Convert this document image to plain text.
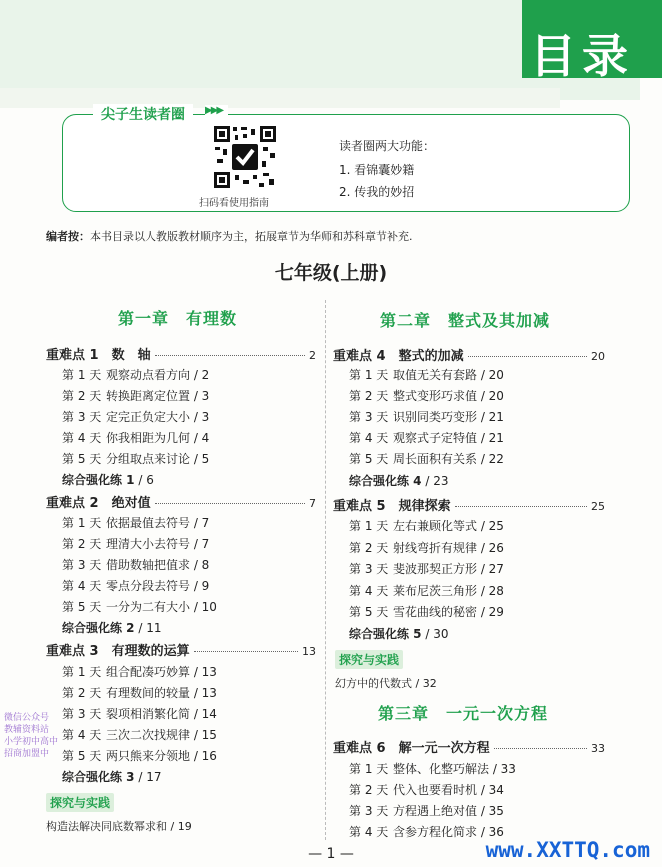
目录
尖子生读者圈	▶▶▶
扫码看使用指南
读者圈两大功能：
1. 看锦囊妙籍
2. 传我的妙招
编者按：本书目录以人教版教材顺序为主，拓展章节为华师和苏科章节补充.
七年级(上册)
第一章　有理数
重难点 1　数　轴	2
第 1 天 观察动点看方向 / 2
第 2 天 转换距离定位置 / 3
第 3 天 定完正负定大小 / 3
第 4 天 你我相距为几何 / 4
第 5 天 分组取点来讨论 / 5
综合强化练 1 / 6
重难点 2　绝对值	7
第 1 天 依据最值去符号 / 7
第 2 天 理清大小去符号 / 7
第 3 天 借助数轴把值求 / 8
第 4 天 零点分段去符号 / 9
第 5 天 一分为二有大小 / 10
综合强化练 2 / 11
重难点 3　有理数的运算	13
第 1 天 组合配凑巧妙算 / 13
第 2 天 有理数间的较量 / 13
第 3 天 裂项相消繁化简 / 14
第 4 天 三次二次找规律 / 15
第 5 天 两只熊来分领地 / 16
综合强化练 3 / 17
探究与实践
构造法解决同底数幂求和 / 19
第二章　整式及其加减
重难点 4　整式的加减	20
第 1 天 取值无关有套路 / 20
第 2 天 整式变形巧求值 / 20
第 3 天 识别同类巧变形 / 21
第 4 天 观察式子定特值 / 21
第 5 天 周长面积有关系 / 22
综合强化练 4 / 23
重难点 5　规律探索	25
第 1 天 左右兼顾化等式 / 25
第 2 天 射线弯折有规律 / 26
第 3 天 斐波那契正方形 / 27
第 4 天 莱布尼茨三角形 / 28
第 5 天 雪花曲线的秘密 / 29
综合强化练 5 / 30
探究与实践
幻方中的代数式 / 32
第三章　一元一次方程
重难点 6　解一元一次方程	33
第 1 天 整体、化整巧解法 / 33
第 2 天 代入也要看时机 / 34
第 3 天 方程遇上绝对值 / 35
第 4 天 含参方程化简求 / 36
微信公众号
教辅资料站
小学初中高中
招商加盟中
— 1 —	www.XXTTQ.com
